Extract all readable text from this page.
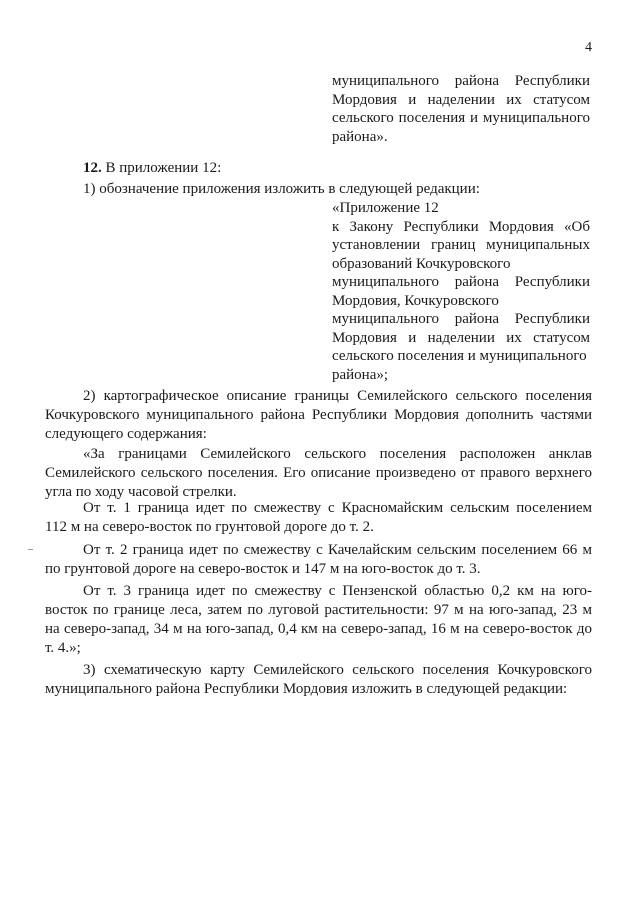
4
муниципального района Республики
Мордовия и наделении их статусом
сельского поселения и муниципального
района».
12. В приложении 12:
1) обозначение приложения изложить в следующей редакции:
«Приложение 12
к Закону Республики Мордовия «Об
установлении границ муниципальных
образований Кочкуровского
муниципального района Республики
Мордовия, Кочкуровского
муниципального района Республики
Мордовия и наделении их статусом
сельского поселения и муниципального
района»;
2) картографическое описание границы Семилейского сельского поселения
Кочкуровского муниципального района Республики Мордовия дополнить частями
следующего содержания:
«За границами Семилейского сельского поселения расположен анклав
Семилейского сельского поселения. Его описание произведено от правого верхнего
угла по ходу часовой стрелки.
От т. 1 граница идет по смежеству с Красномайским сельским поселением
112 м на северо-восток по грунтовой дороге до т. 2.
От т. 2 граница идет по смежеству с Качелайским сельским поселением 66 м
по грунтовой дороге на северо-восток и 147 м на юго-восток до т. 3.
От т. 3 граница идет по смежеству с Пензенской областью 0,2 км на юго-
восток по границе леса, затем по луговой растительности: 97 м на юго-запад, 23 м
на северо-запад, 34 м на юго-запад, 0,4 км на северо-запад, 16 м на северо-восток до
т. 4.»;
3) схематическую карту Семилейского сельского поселения Кочкуровского
муниципального района Республики Мордовия изложить в следующей редакции:
